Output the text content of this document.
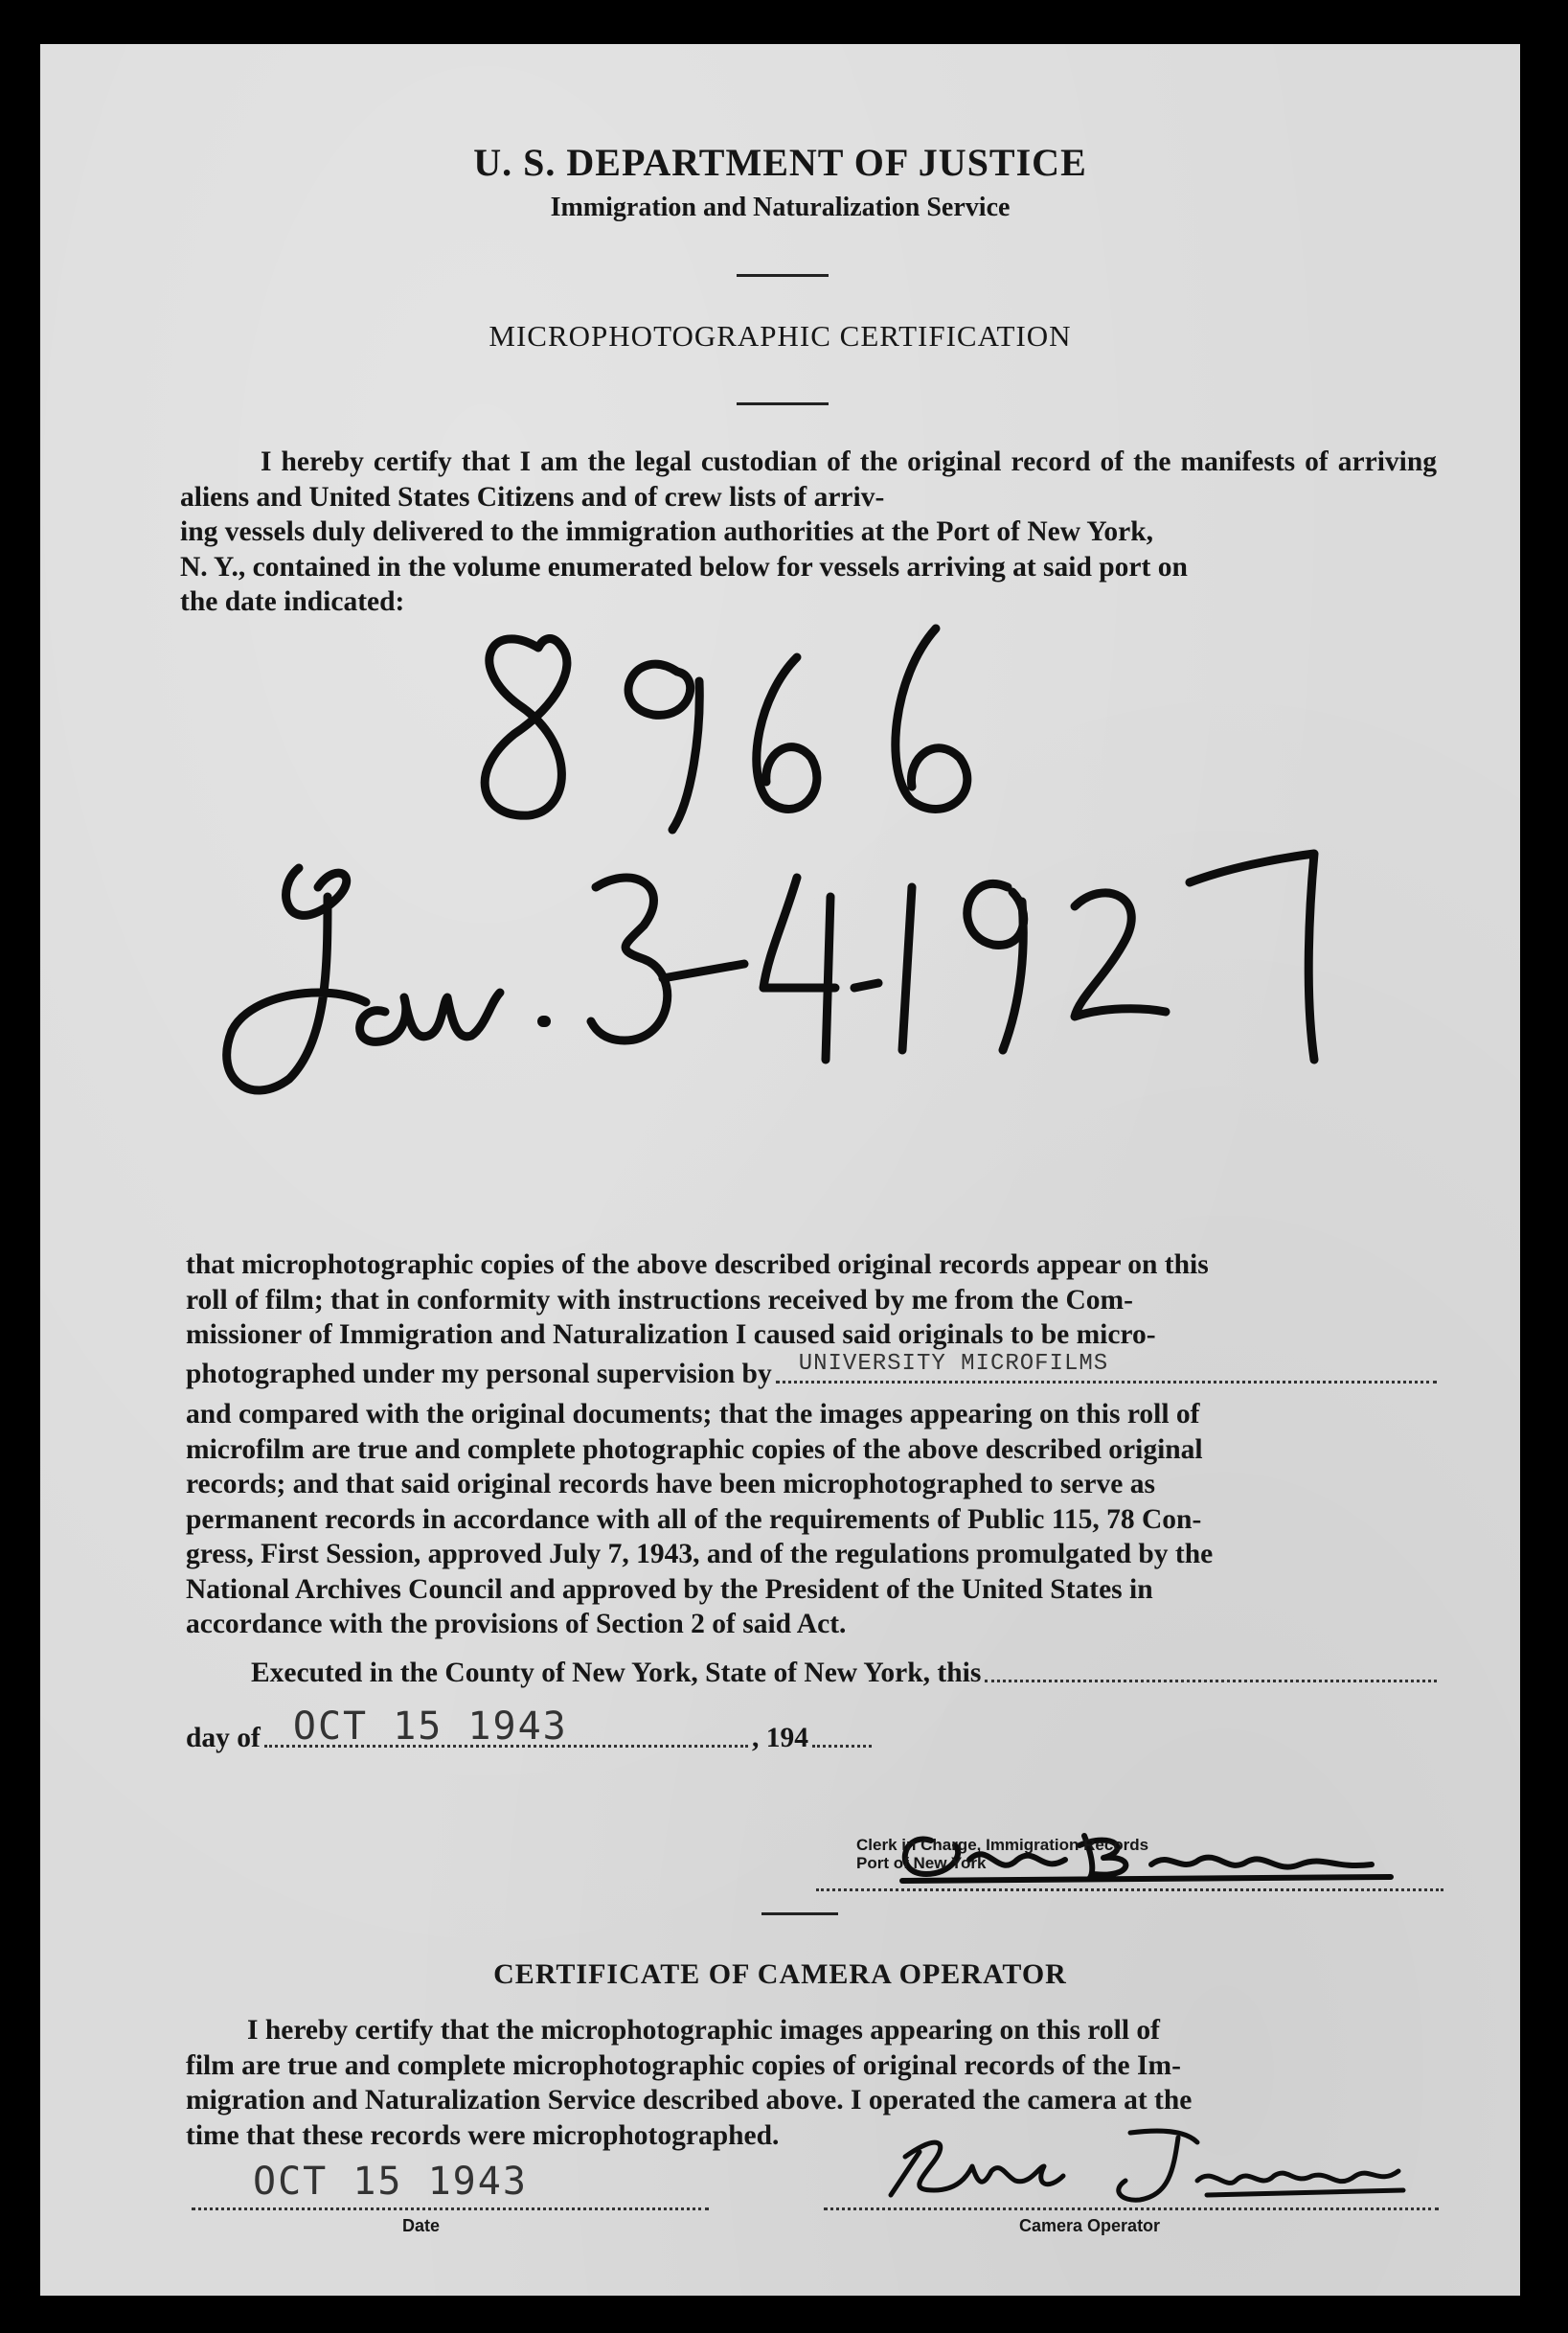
U. S. DEPARTMENT OF JUSTICE
Immigration and Naturalization Service
MICROPHOTOGRAPHIC CERTIFICATION

I hereby certify that I am the legal custodian of the original record of the manifests of arriving aliens and United States Citizens and of crew lists of arriv-

ing vessels duly delivered to the immigration authorities at the Port of New York,

N. Y., contained in the volume enumerated below for vessels arriving at said port on

the date indicated:

that microphotographic copies of the above described original records appear on this

roll of film; that in conformity with instructions received by me from the Com-

missioner of Immigration and Naturalization I caused said originals to be micro-

photographed under my personal supervision by UNIVERSITY MICROFILMS

and compared with the original documents; that the images appearing on this roll of

microfilm are true and complete photographic copies of the above described original

records; and that said original records have been microphotographed to serve as

permanent records in accordance with all of the requirements of Public 115, 78 Con-

gress, First Session, approved July 7, 1943, and of the regulations promulgated by the

National Archives Council and approved by the President of the United States in

accordance with the provisions of Section 2 of said Act.

Executed in the County of New York, State of New York, this
day of OCT 15 1943	, 194
Clerk in Charge, Immigration Records
Port of New York
CERTIFICATE OF CAMERA OPERATOR

I hereby certify that the microphotographic images appearing on this roll of

film are true and complete microphotographic copies of original records of the Im-

migration and Naturalization Service described above. I operated the camera at the

time that these records were microphotographed.

OCT 15 1943
Date	Camera Operator
